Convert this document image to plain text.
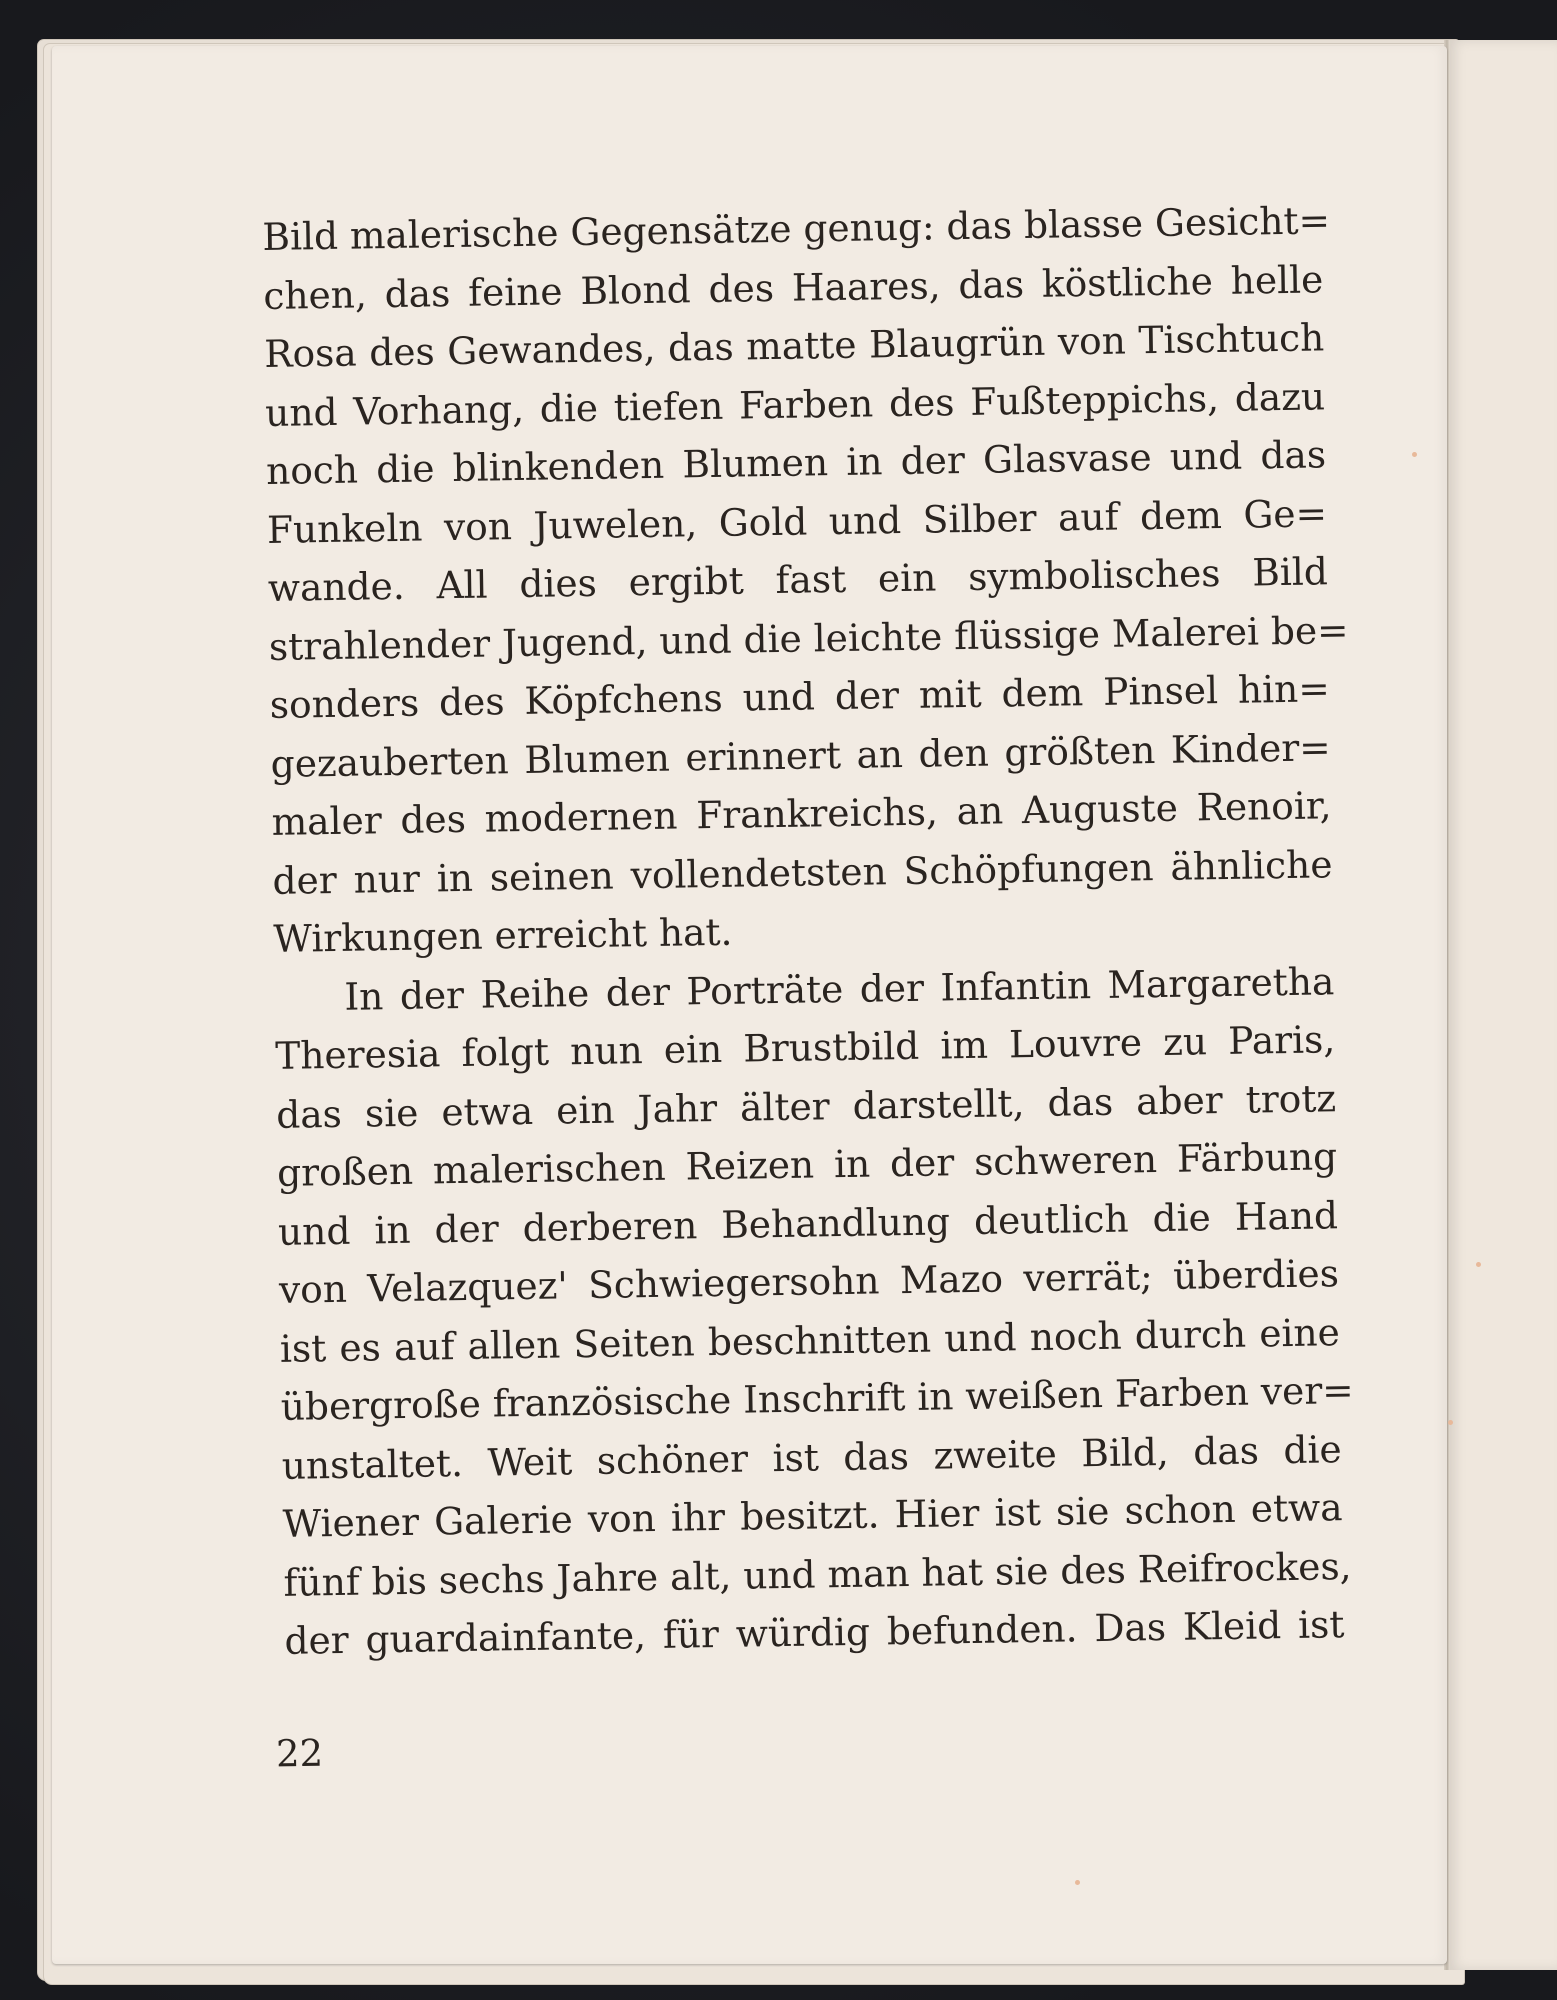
Bild malerische Gegensätze genug: das blasse Gesicht=
chen, das feine Blond des Haares, das köstliche helle
Rosa des Gewandes, das matte Blaugrün von Tischtuch
und Vorhang, die tiefen Farben des Fußteppichs, dazu
noch die blinkenden Blumen in der Glasvase und das
Funkeln von Juwelen, Gold und Silber auf dem Ge=
wande. All dies ergibt fast ein symbolisches Bild
strahlender Jugend, und die leichte flüssige Malerei be=
sonders des Köpfchens und der mit dem Pinsel hin=
gezauberten Blumen erinnert an den größten Kinder=
maler des modernen Frankreichs, an Auguste Renoir,
der nur in seinen vollendetsten Schöpfungen ähnliche
Wirkungen erreicht hat.
In der Reihe der Porträte der Infantin Margaretha
Theresia folgt nun ein Brustbild im Louvre zu Paris,
das sie etwa ein Jahr älter darstellt, das aber trotz
großen malerischen Reizen in der schweren Färbung
und in der derberen Behandlung deutlich die Hand
von Velazquez' Schwiegersohn Mazo verrät; überdies
ist es auf allen Seiten beschnitten und noch durch eine
übergroße französische Inschrift in weißen Farben ver=
unstaltet. Weit schöner ist das zweite Bild, das die
Wiener Galerie von ihr besitzt. Hier ist sie schon etwa
fünf bis sechs Jahre alt, und man hat sie des Reifrockes,
der guardainfante, für würdig befunden. Das Kleid ist
22
